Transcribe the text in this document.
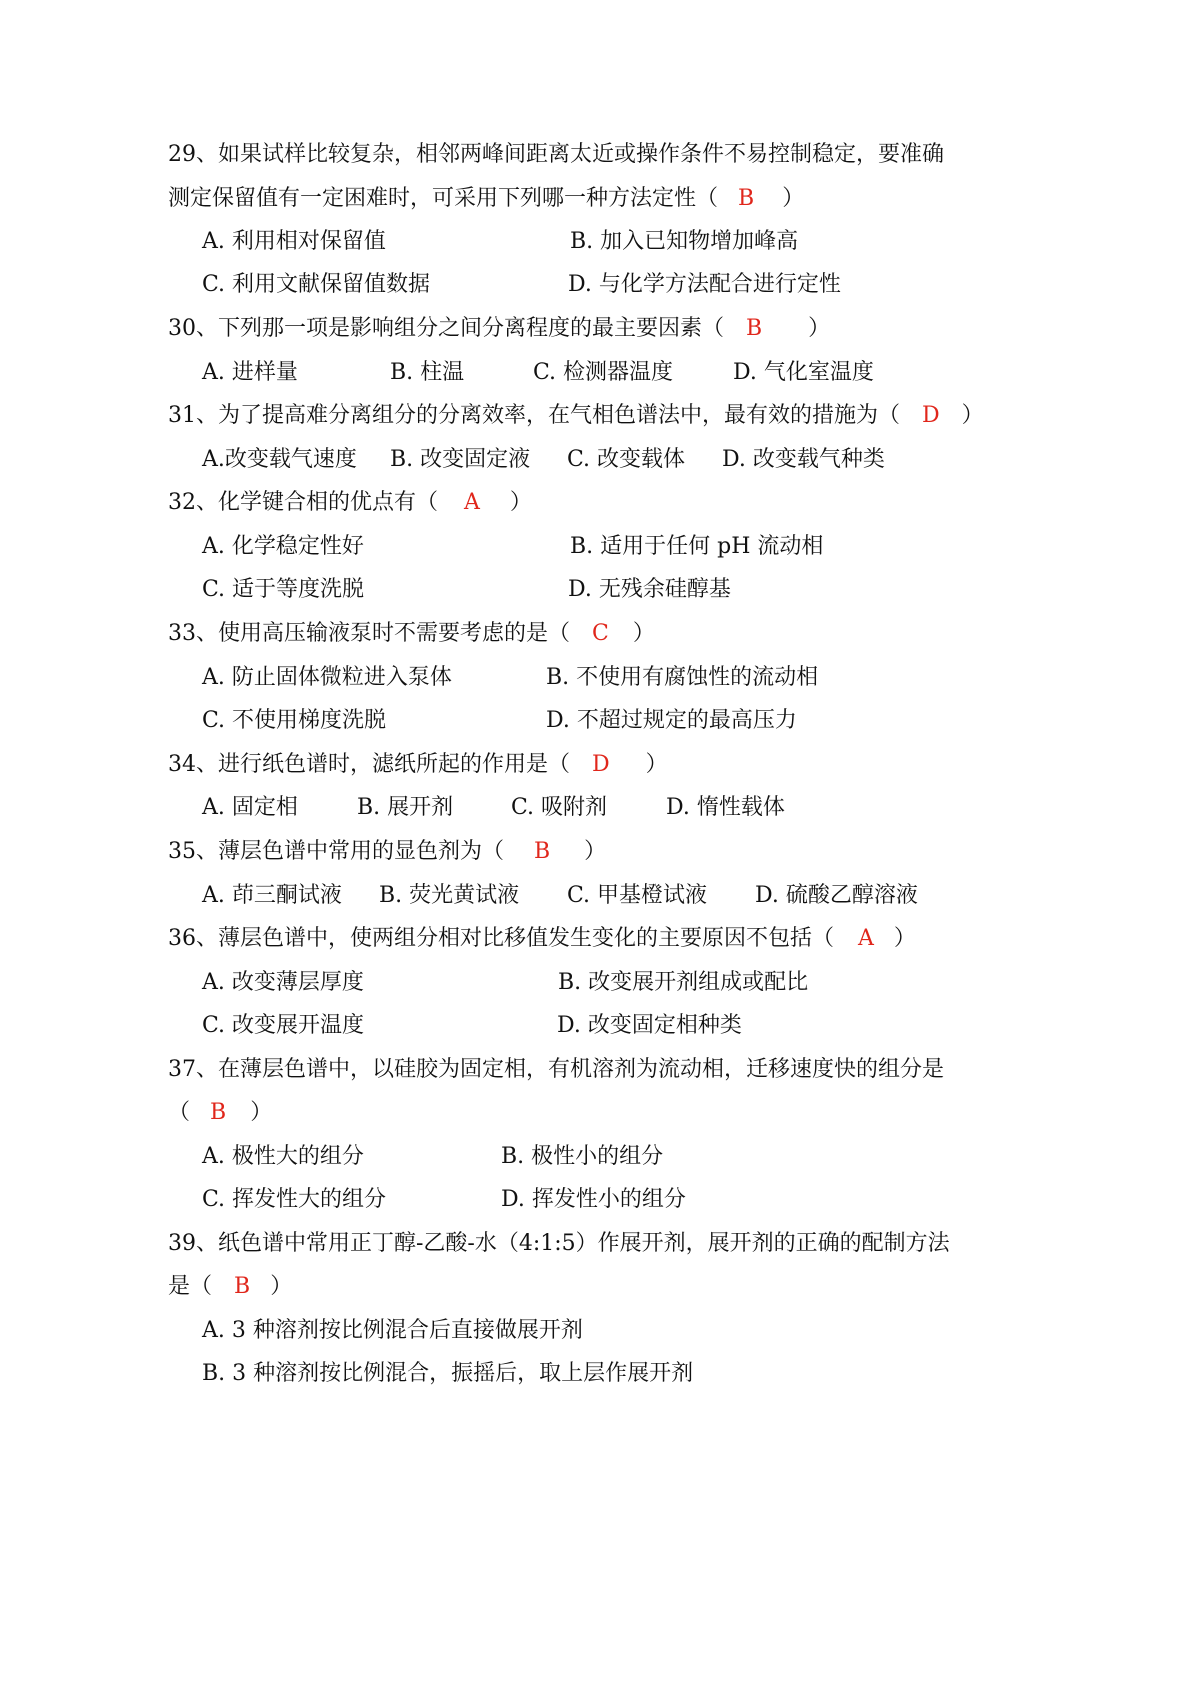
29、如果试样比较复杂，相邻两峰间距离太近或操作条件不易控制稳定，要准确
测定保留值有一定困难时，可采用下列哪一种方法定性（ B ）
A. 利用相对保留值	B. 加入已知物增加峰高
C. 利用文献保留值数据	D. 与化学方法配合进行定性
30、下列那一项是影响组分之间分离程度的最主要因素（ B ）
A. 进样量	B. 柱温	C. 检测器温度	D. 气化室温度
31、为了提高难分离组分的分离效率，在气相色谱法中，最有效的措施为（ D ）
A.改变载气速度 B. 改变固定液 C. 改变载体 D. 改变载气种类
32、化学键合相的优点有（ A ）
A. 化学稳定性好	B. 适用于任何 pH 流动相
C. 适于等度洗脱	D. 无残余硅醇基
33、使用高压输液泵时不需要考虑的是（ C ）
A. 防止固体微粒进入泵体	B. 不使用有腐蚀性的流动相
C. 不使用梯度洗脱	D. 不超过规定的最高压力
34、进行纸色谱时，滤纸所起的作用是（ D ）
A. 固定相	B. 展开剂	C. 吸附剂	D. 惰性载体
35、薄层色谱中常用的显色剂为（ B ）
A. 茚三酮试液 B. 荧光黄试液 C. 甲基橙试液 D. 硫酸乙醇溶液
36、薄层色谱中，使两组分相对比移值发生变化的主要原因不包括（ A ）
A. 改变薄层厚度	B. 改变展开剂组成或配比
C. 改变展开温度	D. 改变固定相种类
37、在薄层色谱中，以硅胶为固定相，有机溶剂为流动相，迁移速度快的组分是
（ B ）
A. 极性大的组分	B. 极性小的组分
C. 挥发性大的组分	D. 挥发性小的组分
39、纸色谱中常用正丁醇-乙酸-水（4:1:5）作展开剂，展开剂的正确的配制方法
是（ B ）
A. 3 种溶剂按比例混合后直接做展开剂
B. 3 种溶剂按比例混合，振摇后，取上层作展开剂
